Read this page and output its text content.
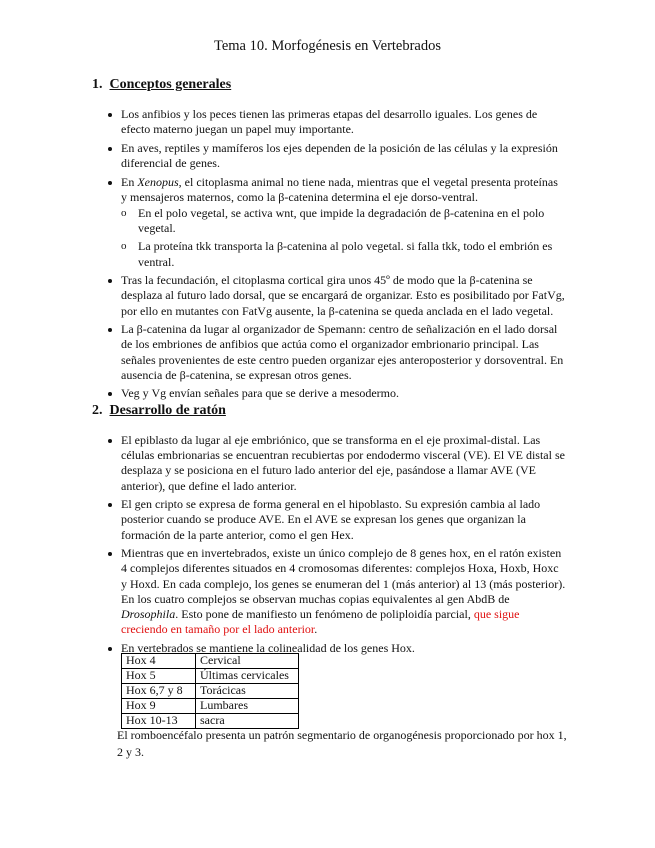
Tema 10. Morfogénesis en Vertebrados
1. Conceptos generales
Los anfibios y los peces tienen las primeras etapas del desarrollo iguales. Los genes de efecto materno juegan un papel muy importante.
En aves, reptiles y mamíferos los ejes dependen de la posición de las células y la expresión diferencial de genes.
En Xenopus, el citoplasma animal no tiene nada, mientras que el vegetal presenta proteínas y mensajeros maternos, como la β-catenina determina el eje dorso-ventral.
o En el polo vegetal, se activa wnt, que impide la degradación de β-catenina en el polo vegetal.
o La proteína tkk transporta la β-catenina al polo vegetal. si falla tkk, todo el embrión es ventral.
Tras la fecundación, el citoplasma cortical gira unos 45º de modo que la β-catenina se desplaza al futuro lado dorsal, que se encargará de organizar. Esto es posibilitado por FatVg, por ello en mutantes con FatVg ausente, la β-catenina se queda anclada en el lado vegetal.
La β-catenina da lugar al organizador de Spemann: centro de señalización en el lado dorsal de los embriones de anfibios que actúa como el organizador embrionario principal. Las señales provenientes de este centro pueden organizar ejes anteroposterior y dorsoventral. En ausencia de β-catenina, se expresan otros genes.
Veg y Vg envían señales para que se derive a mesodermo.
2. Desarrollo de ratón
El epiblasto da lugar al eje embriónico, que se transforma en el eje proximal-distal. Las células embrionarias se encuentran recubiertas por endodermo visceral (VE). El VE distal se desplaza y se posiciona en el futuro lado anterior del eje, pasándose a llamar AVE (VE anterior), que define el lado anterior.
El gen cripto se expresa de forma general en el hipoblasto. Su expresión cambia al lado posterior cuando se produce AVE. En el AVE se expresan los genes que organizan la formación de la parte anterior, como el gen Hex.
Mientras que en invertebrados, existe un único complejo de 8 genes hox, en el ratón existen 4 complejos diferentes situados en 4 cromosomas diferentes: complejos Hoxa, Hoxb, Hoxc y Hoxd. En cada complejo, los genes se enumeran del 1 (más anterior) al 13 (más posterior). En los cuatro complejos se observan muchas copias equivalentes al gen AbdB de Drosophila. Esto pone de manifiesto un fenómeno de poliploidía parcial, que sigue creciendo en tamaño por el lado anterior.
En vertebrados se mantiene la colinealidad de los genes Hox.
Hox 4	Cervical
Hox 5	Últimas cervicales
Hox 6,7 y 8	Torácicas
Hox 9	Lumbares
Hox 10-13	sacra

El romboencéfalo presenta un patrón segmentario de organogénesis proporcionado por hox 1, 2 y 3.
